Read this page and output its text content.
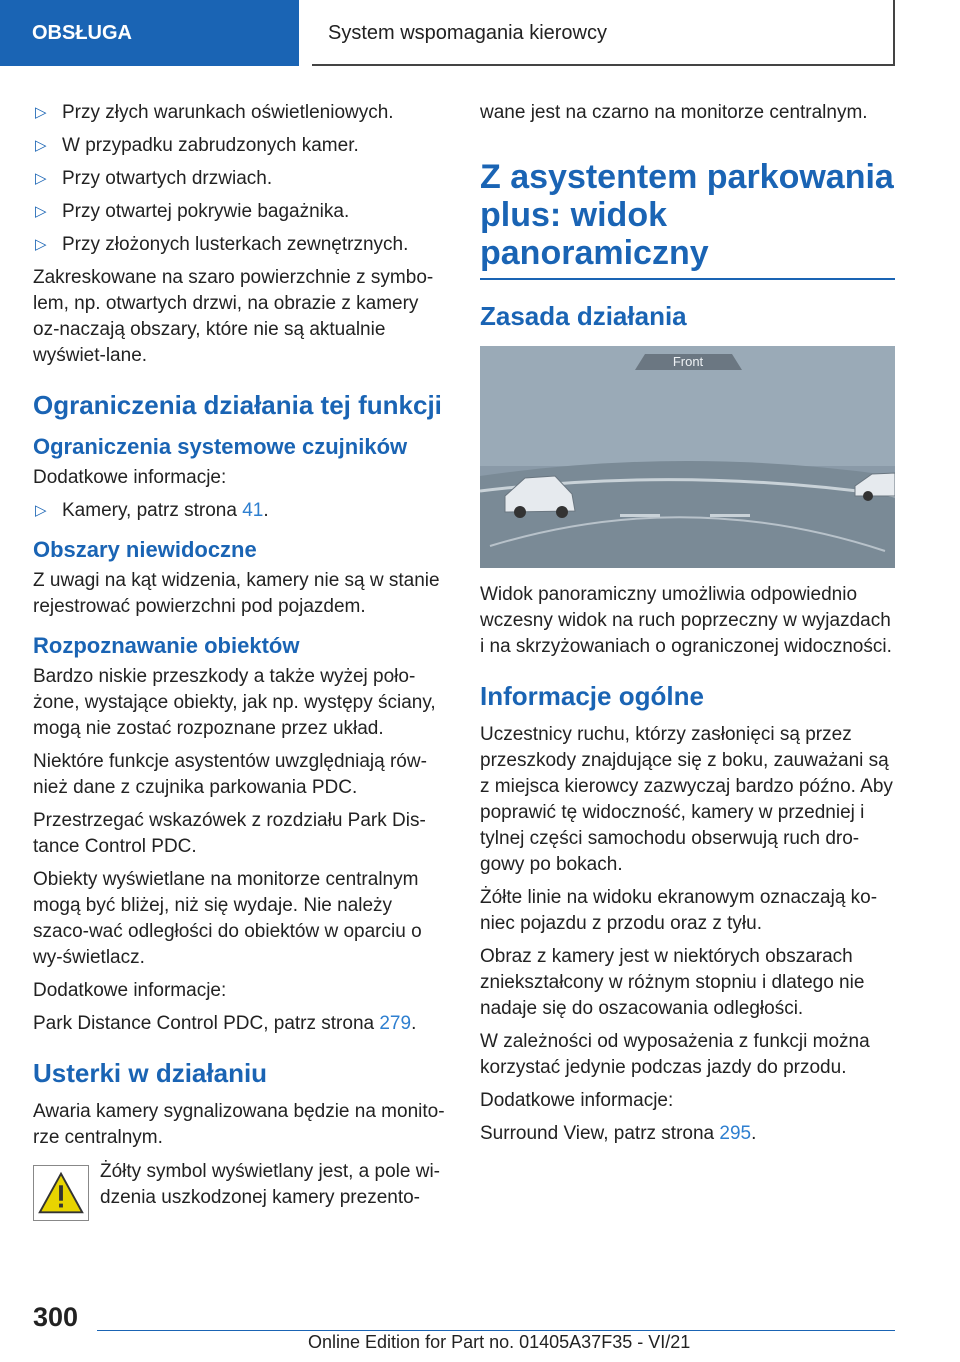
OBSŁUGA	System wspomagania kierowcy
▷ Przy złych warunkach oświetleniowych.
▷ W przypadku zabrudzonych kamer.
▷ Przy otwartych drzwiach.
▷ Przy otwartej pokrywie bagażnika.
▷ Przy złożonych lusterkach zewnętrznych.

Zakreskowane na szaro powierzchnie z symbo-lem, np. otwartych drzwi, na obrazie z kamery oz-naczają obszary, które nie są aktualnie wyświet-lane.

Ograniczenia działania tej funkcji
Ograniczenia systemowe czujników

Dodatkowe informacje:

▷ Kamery, patrz strona 41.
Obszary niewidoczne

Z uwagi na kąt widzenia, kamery nie są w stanie rejestrować powierzchni pod pojazdem.

Rozpoznawanie obiektów

Bardzo niskie przeszkody a także wyżej poło-żone, wystające obiekty, jak np. występy ściany, mogą nie zostać rozpoznane przez układ.

Niektóre funkcje asystentów uwzględniają rów-nież dane z czujnika parkowania PDC.

Przestrzegać wskazówek z rozdziału Park Dis-tance Control PDC.

Obiekty wyświetlane na monitorze centralnym mogą być bliżej, niż się wydaje. Nie należy szaco-wać odległości do obiektów w oparciu o wy-świetlacz.

Dodatkowe informacje:

Park Distance Control PDC, patrz strona 279.

Usterki w działaniu

Awaria kamery sygnalizowana będzie na monito-rze centralnym.

Żółty symbol wyświetlany jest, a pole wi-dzenia uszkodzonej kamery prezento-

wane jest na czarno na monitorze centralnym.

Z asystentem parkowania plus: widok panoramiczny
Zasada działania
Front

Widok panoramiczny umożliwia odpowiednio wczesny widok na ruch poprzeczny w wyjazdach i na skrzyżowaniach o ograniczonej widoczności.

Informacje ogólne

Uczestnicy ruchu, którzy zasłonięci są przez przeszkody znajdujące się z boku, zauważani są z miejsca kierowcy zazwyczaj bardzo późno. Aby poprawić tę widoczność, kamery w przedniej i tylnej części samochodu obserwują ruch dro-gowy po bokach.

Żółte linie na widoku ekranowym oznaczają ko-niec pojazdu z przodu oraz z tyłu.

Obraz z kamery jest w niektórych obszarach zniekształcony w różnym stopniu i dlatego nie nadaje się do oszacowania odległości.

W zależności od wyposażenia z funkcji można korzystać jedynie podczas jazdy do przodu.

Dodatkowe informacje:

Surround View, patrz strona 295.

300
Online Edition for Part no. 01405A37F35 - VI/21
